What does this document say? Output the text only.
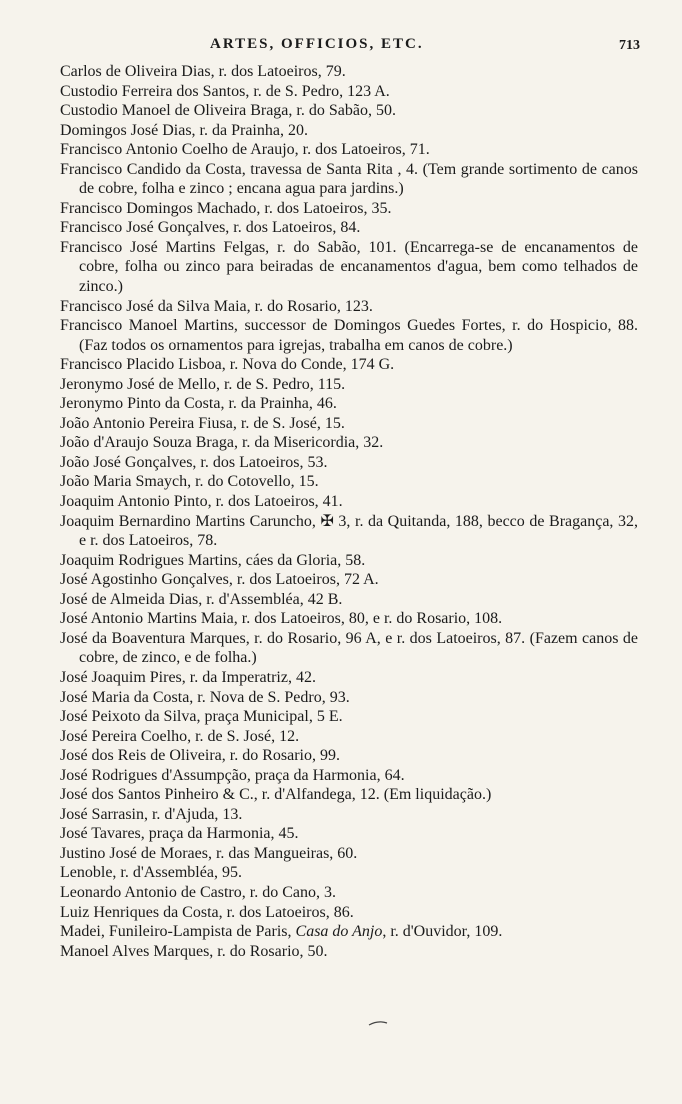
ARTES, OFFICIOS, ETC.	713
Carlos de Oliveira Dias, r. dos Latoeiros, 79.
Custodio Ferreira dos Santos, r. de S. Pedro, 123 A.
Custodio Manoel de Oliveira Braga, r. do Sabão, 50.
Domingos José Dias, r. da Prainha, 20.
Francisco Antonio Coelho de Araujo, r. dos Latoeiros, 71.
Francisco Candido da Costa, travessa de Santa Rita , 4. (Tem grande sortimento de canos de cobre, folha e zinco ; encana agua para jardins.)
Francisco Domingos Machado, r. dos Latoeiros, 35.
Francisco José Gonçalves, r. dos Latoeiros, 84.
Francisco José Martins Felgas, r. do Sabão, 101. (Encarrega-se de encanamentos de cobre, folha ou zinco para beiradas de encanamentos d'agua, bem como telhados de zinco.)
Francisco José da Silva Maia, r. do Rosario, 123.
Francisco Manoel Martins, successor de Domingos Guedes Fortes, r. do Hospicio, 88. (Faz todos os ornamentos para igrejas, trabalha em canos de cobre.)
Francisco Placido Lisboa, r. Nova do Conde, 174 G.
Jeronymo José de Mello, r. de S. Pedro, 115.
Jeronymo Pinto da Costa, r. da Prainha, 46.
João Antonio Pereira Fiusa, r. de S. José, 15.
João d'Araujo Souza Braga, r. da Misericordia, 32.
João José Gonçalves, r. dos Latoeiros, 53.
João Maria Smaych, r. do Cotovello, 15.
Joaquim Antonio Pinto, r. dos Latoeiros, 41.
Joaquim Bernardino Martins Caruncho, ✠ 3, r. da Quitanda, 188, becco de Bragança, 32, e r. dos Latoeiros, 78.
Joaquim Rodrigues Martins, cáes da Gloria, 58.
José Agostinho Gonçalves, r. dos Latoeiros, 72 A.
José de Almeida Dias, r. d'Assembléa, 42 B.
José Antonio Martins Maia, r. dos Latoeiros, 80, e r. do Rosario, 108.
José da Boaventura Marques, r. do Rosario, 96 A, e r. dos Latoeiros, 87. (Fazem canos de cobre, de zinco, e de folha.)
José Joaquim Pires, r. da Imperatriz, 42.
José Maria da Costa, r. Nova de S. Pedro, 93.
José Peixoto da Silva, praça Municipal, 5 E.
José Pereira Coelho, r. de S. José, 12.
José dos Reis de Oliveira, r. do Rosario, 99.
José Rodrigues d'Assumpção, praça da Harmonia, 64.
José dos Santos Pinheiro & C., r. d'Alfandega, 12. (Em liquidação.)
José Sarrasin, r. d'Ajuda, 13.
José Tavares, praça da Harmonia, 45.
Justino José de Moraes, r. das Mangueiras, 60.
Lenoble, r. d'Assembléa, 95.
Leonardo Antonio de Castro, r. do Cano, 3.
Luiz Henriques da Costa, r. dos Latoeiros, 86.
Madei, Funileiro-Lampista de Paris, Casa do Anjo, r. d'Ouvidor, 109.
Manoel Alves Marques, r. do Rosario, 50.
